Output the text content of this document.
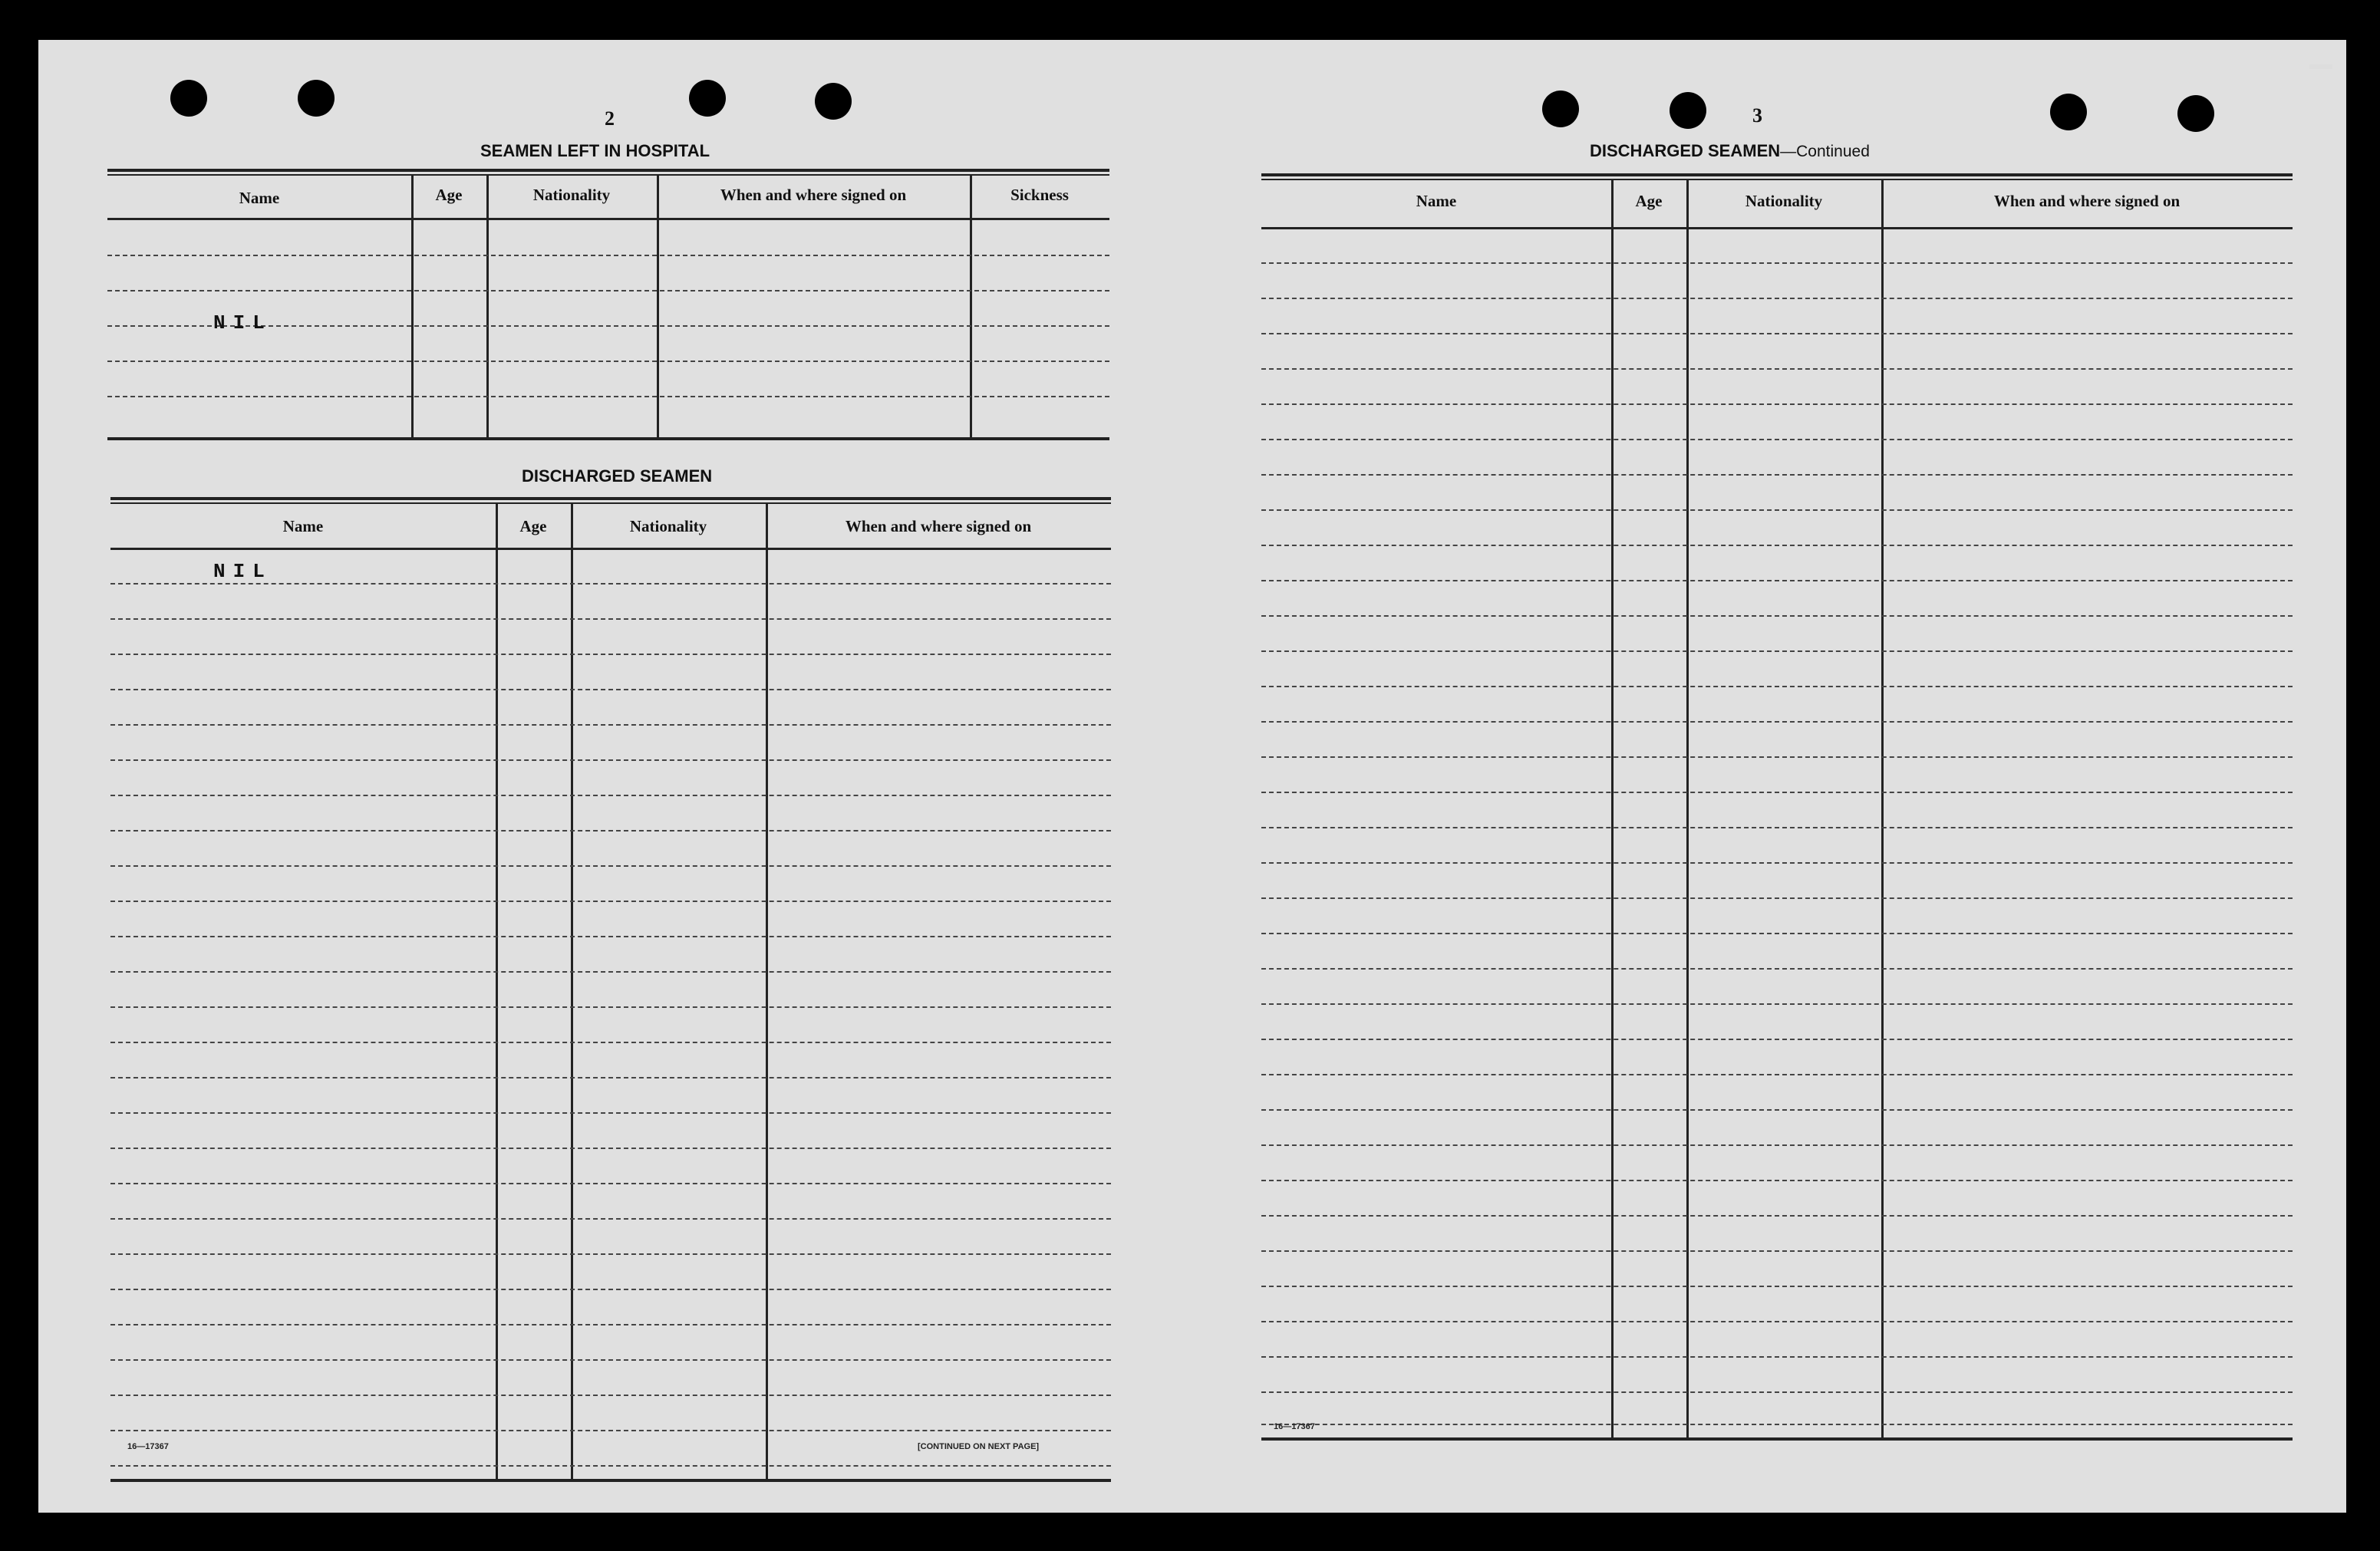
2
SEAMEN LEFT IN HOSPITAL
Name	Age	Nationality	When and where signed on	Sickness
NIL
DISCHARGED SEAMEN
Name	Age	Nationality	When and where signed on
NIL
16—17367	[CONTINUED ON NEXT PAGE]
3
DISCHARGED SEAMEN—Continued
Name	Age	Nationality	When and where signed on
16—17367
